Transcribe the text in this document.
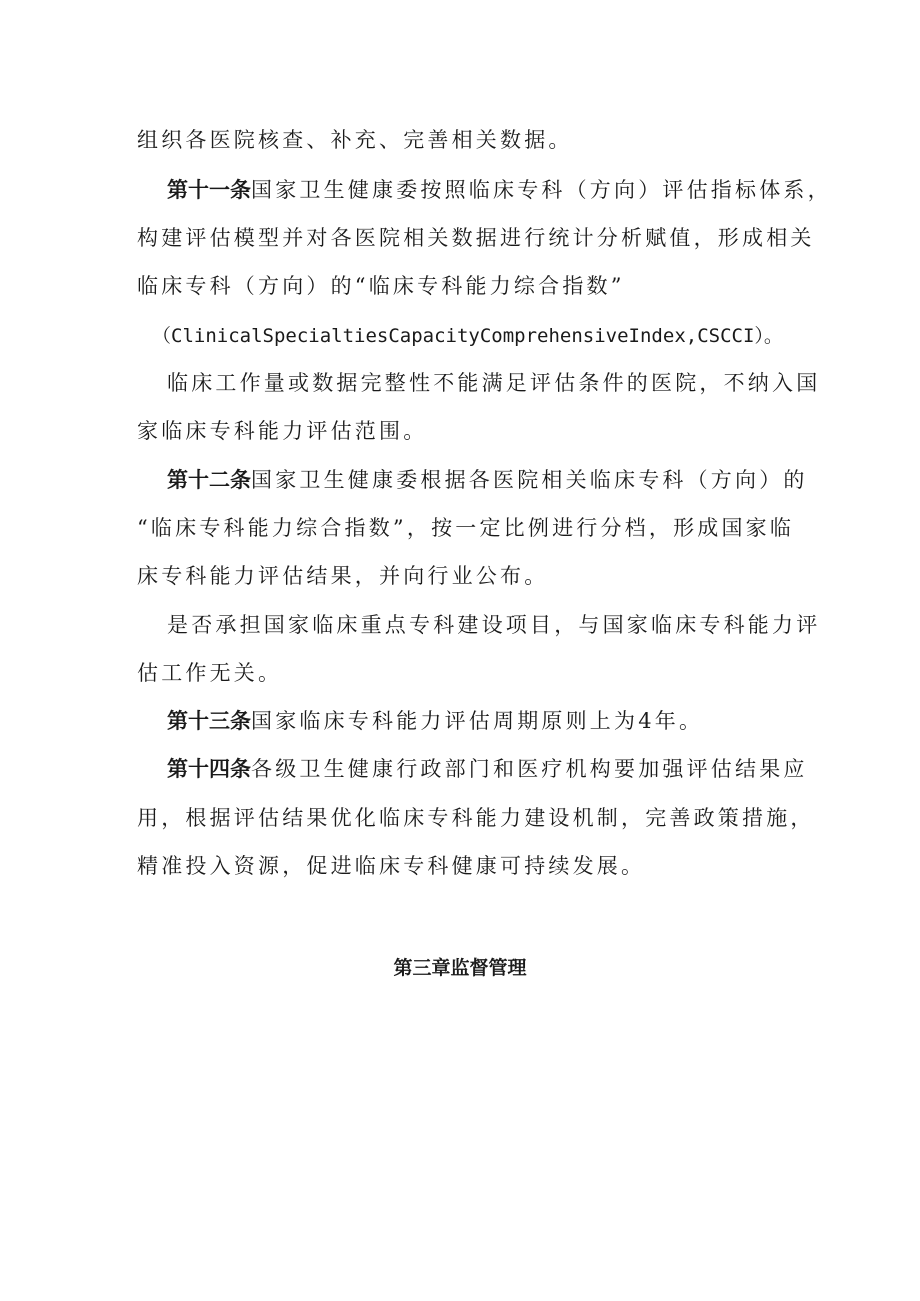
组织各医院核查、补充、完善相关数据。
第十一条国家卫生健康委按照临床专科（方向）评估指标体系，
构建评估模型并对各医院相关数据进行统计分析赋值，形成相关
临床专科（方向）的“临床专科能力综合指数”
（ClinicalSpecialtiesCapacityComprehensiveIndex,CSCCI）。
临床工作量或数据完整性不能满足评估条件的医院，不纳入国
家临床专科能力评估范围。
第十二条国家卫生健康委根据各医院相关临床专科（方向）的
“临床专科能力综合指数”，按一定比例进行分档，形成国家临
床专科能力评估结果，并向行业公布。
是否承担国家临床重点专科建设项目，与国家临床专科能力评
估工作无关。
第十三条国家临床专科能力评估周期原则上为4年。
第十四条各级卫生健康行政部门和医疗机构要加强评估结果应
用，根据评估结果优化临床专科能力建设机制，完善政策措施，
精准投入资源，促进临床专科健康可持续发展。
第三章监督管理
